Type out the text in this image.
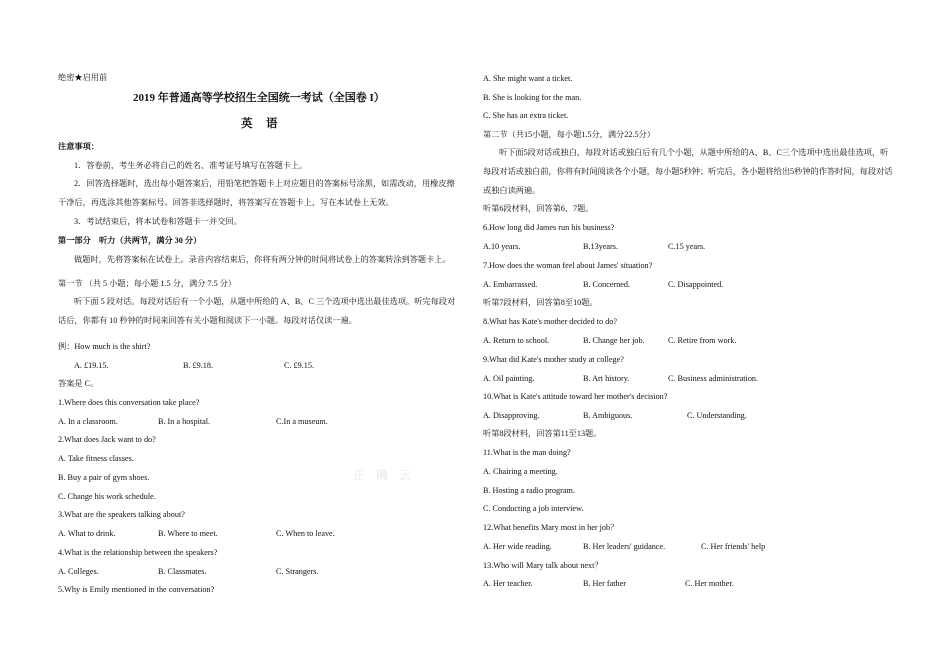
绝密★启用前
2019 年普通高等学校招生全国统一考试（全国卷 I）
英　语
注意事项：
1．答卷前，考生务必将自己的姓名、准考证号填写在答题卡上。
2．回答选择题时，选出每小题答案后，用铅笔把答题卡上对应题目的答案标号涂黑，如需改动，用橡皮擦干净后，再选涂其他答案标号。回答非选择题时，将答案写在答题卡上，写在本试卷上无效。
3．考试结束后，将本试卷和答题卡一并交回。
第一部分　听力（共两节，满分 30 分）
做题时，先将答案标在试卷上。录音内容结束后，你将有两分钟的时间将试卷上的答案转涂到答题卡上。
第一节 （共 5 小题；每小题 1.5 分，满分 7.5 分）
听下面 5 段对话。每段对话后有一个小题，从题中所给的 A、B、C 三个选项中选出最佳选项。听完每段对话后，你都有 10 秒钟的时间来回答有关小题和阅读下一小题。每段对话仅读一遍。
例：How much is the shirt?
A. £19.15.	B. £9.18.	C. £9.15.
答案是 C。
1.Where does this conversation take place?
A. In a classroom.	B. In a hospital.	C.In a museum.
2.What does Jack want to do?
A. Take fitness classes.
B. Buy a pair of gym shoes.
C. Change his work schedule.
3.What are the speakers talking about?
A. What to drink.	B. Where to meet.	C. When to leave.
4.What is the relationship between the speakers?
A. Colleges.	B. Classmates.	C. Strangers.
5.Why is Emily mentioned in the conversation?
A. She might want a ticket.
B. She is looking for the man.
C. She has an extra ticket.
第二节（共15小题，每小题1.5分，满分22.5分）
听下面5段对话或独白，每段对话或独白后有几个小题，从题中所给的A、B、C三个选项中选出最佳选项，听每段对话或独白前，你将有时间阅读各个小题，每小题5秒钟；听完后，各小题将给出5秒钟的作答时间，每段对话或独白读两遍。
听第6段材料，回答第6、7题。
6.How long did James run his business?
A.10 years.	B.13years.	C.15 years.
7.How does the woman feel about James' situation?
A. Embarrassed.	B. Concerned.	C. Disappointed.
听第7段材料，回答第8至10题。
8.What has Kate's mother decided to do?
A. Return to school.	B. Change her job.	C. Retire from work.
9.What did Kate's mother study at college?
A. Oil painting.	B. Art history.	C. Business administration.
10.What is Kate's attitude toward her mother's decision?
A. Disapproving.	B. Ambiguous.	C. Understanding.
听第8段材料，回答第11至13题。
11.What is the man doing?
A. Chairing a meeting.
B. Hosting a radio program.
C. Conducting a job interview.
12.What benefits Mary most in her job？
A. Her wide reading.	B. Her leaders' guidance.	C. Her friends' help
13.Who will Mary talk about next？
A. Her teacher.	B. Her father	C. Her mother.
正 确 云
